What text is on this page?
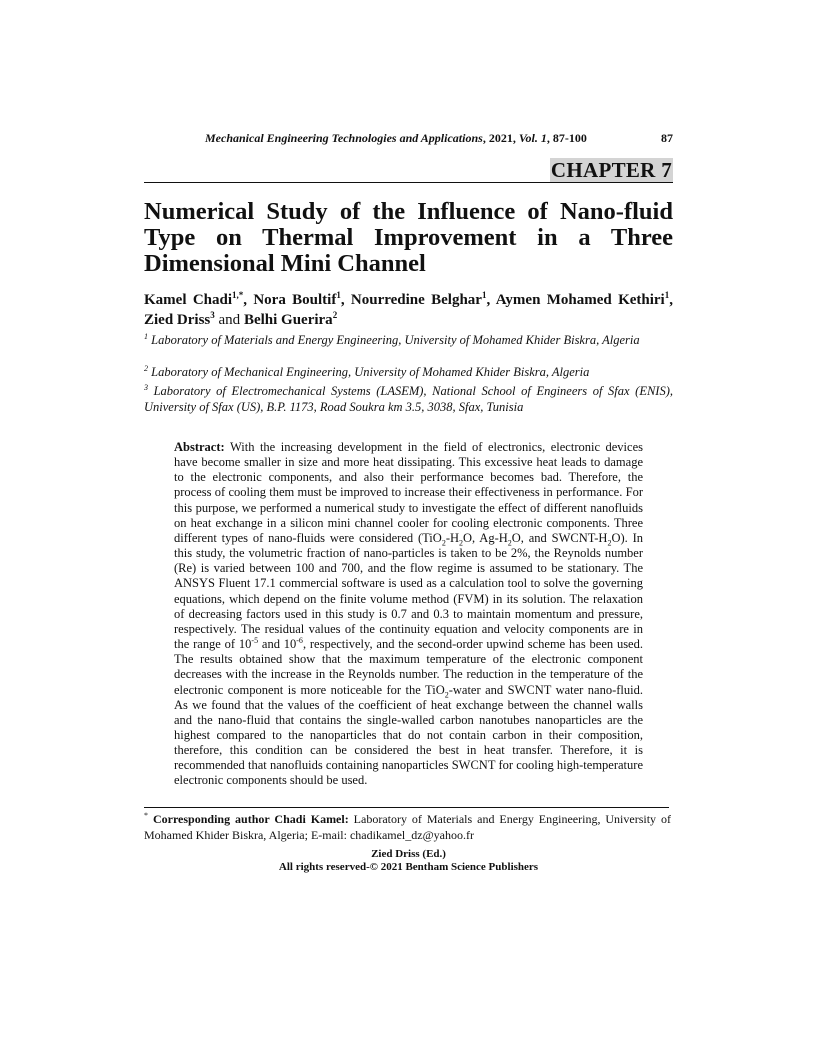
Mechanical Engineering Technologies and Applications, 2021, Vol. 1, 87-100	87
CHAPTER 7
Numerical Study of the Influence of Nano-fluid Type on Thermal Improvement in a Three Dimensional Mini Channel
Kamel Chadi$^{1,*}$, Nora Boultif$^1$, Nourredine Belghar$^1$, Aymen Mohamed Kethiri$^1$, Zied Driss$^3$ and Belhi Guerira$^2$
$^1$ Laboratory of Materials and Energy Engineering, University of Mohamed Khider Biskra, Algeria
$^2$ Laboratory of Mechanical Engineering, University of Mohamed Khider Biskra, Algeria
$^3$ Laboratory of Electromechanical Systems (LASEM), National School of Engineers of Sfax (ENIS), University of Sfax (US), B.P. 1173, Road Soukra km 3.5, 3038, Sfax, Tunisia
Abstract: With the increasing development in the field of electronics, electronic devices have become smaller in size and more heat dissipating. This excessive heat leads to damage to the electronic components, and also their performance becomes bad. Therefore, the process of cooling them must be improved to increase their effectiveness in performance. For this purpose, we performed a numerical study to investigate the effect of different nanofluids on heat exchange in a silicon mini channel cooler for cooling electronic components. Three different types of nano-fluids were considered ($TiO_2-H_2O$, $Ag-H_2O$, and SWCNT-$H_2O$). In this study, the volumetric fraction of nano-particles is taken to be 2%, the Reynolds number (Re) is varied between 100 and 700, and the flow regime is assumed to be stationary. The ANSYS Fluent 17.1 commercial software is used as a calculation tool to solve the governing equations, which depend on the finite volume method (FVM) in its solution. The relaxation of decreasing factors used in this study is 0.7 and 0.3 to maintain momentum and pressure, respectively. The residual values of the continuity equation and velocity components are in the range of $10^{-5}$ and $10^{-6}$, respectively, and the second-order upwind scheme has been used. The results obtained show that the maximum temperature of the electronic component decreases with the increase in the Reynolds number. The reduction in the temperature of the electronic component is more noticeable for the TiO$_2$-water and SWCNT water nano-fluid. As we found that the values of the coefficient of heat exchange between the channel walls and the nano-fluid that contains the single-walled carbon nanotubes nanoparticles are the highest compared to the nanoparticles that do not contain carbon in their composition, therefore, this condition can be considered the best in heat transfer. Therefore, it is recommended that nanofluids containing nanoparticles SWCNT for cooling high-temperature electronic components should be used.
* Corresponding author Chadi Kamel: Laboratory of Materials and Energy Engineering, University of Mohamed Khider Biskra, Algeria; E-mail: chadikamel_dz@yahoo.fr
Zied Driss (Ed.)
All rights reserved-© 2021 Bentham Science Publishers
